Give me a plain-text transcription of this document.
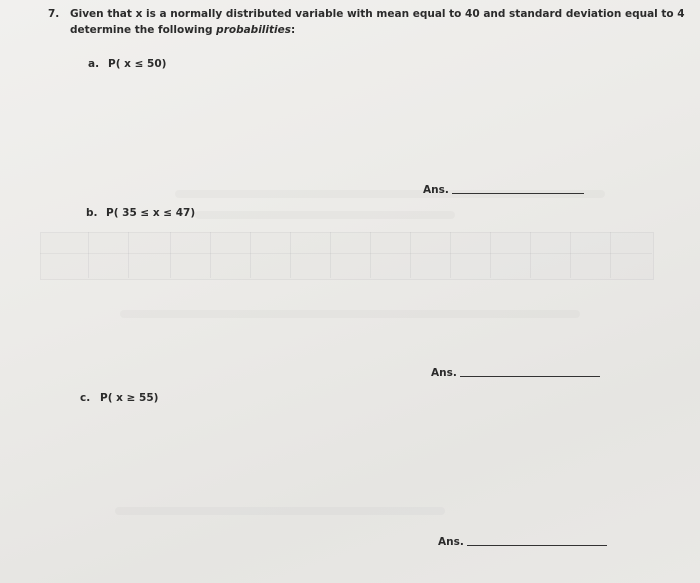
7. Given that x is a normally distributed variable with mean equal to 40 and standard deviation equal to 4
determine the following probabilities:
a. P( x ≤ 50)
Ans.
b. P( 35 ≤ x ≤ 47)
Ans.
c. P( x ≥ 55)
Ans.
